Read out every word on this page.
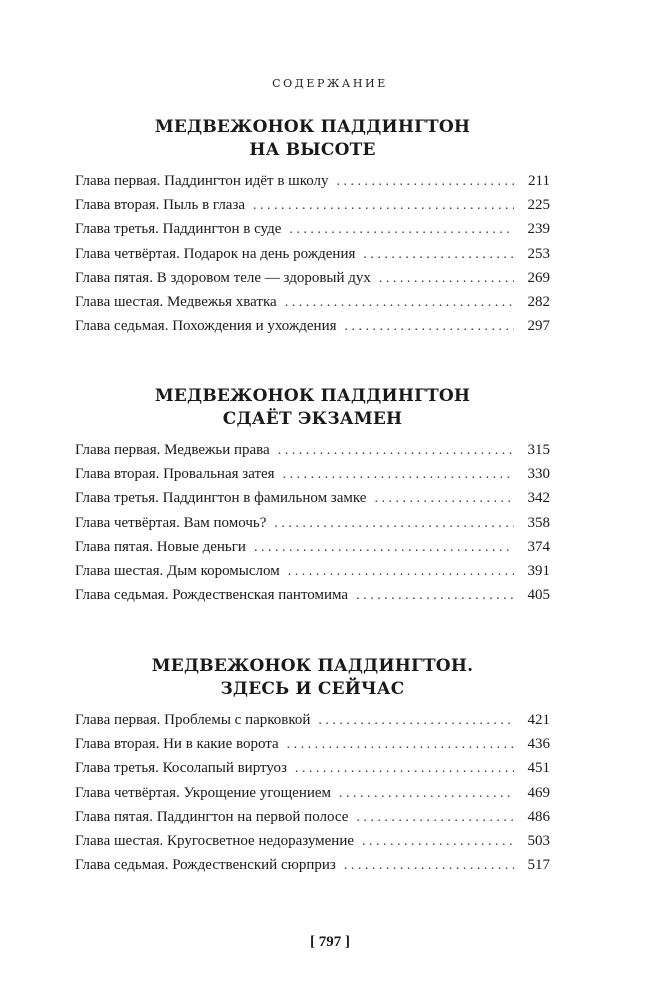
СОДЕРЖАНИЕ
МЕДВЕЖОНОК ПАДДИНГТОН
НА ВЫСОТЕ
Глава первая. Паддингтон идёт в школу . . .	211
Глава вторая. Пыль в глаза . . .	225
Глава третья. Паддингтон в суде . . .	239
Глава четвёртая. Подарок на день рождения . . .	253
Глава пятая. В здоровом теле — здоровый дух . . .	269
Глава шестая. Медвежья хватка . . .	282
Глава седьмая. Похождения и ухождения . . .	297
МЕДВЕЖОНОК ПАДДИНГТОН
СДАЁТ ЭКЗАМЕН
Глава первая. Медвежьи права . . .	315
Глава вторая. Провальная затея . . .	330
Глава третья. Паддингтон в фамильном замке . . .	342
Глава четвёртая. Вам помочь? . . .	358
Глава пятая. Новые деньги . . .	374
Глава шестая. Дым коромыслом . . .	391
Глава седьмая. Рождественская пантомима . . .	405
МЕДВЕЖОНОК ПАДДИНГТОН.
ЗДЕСЬ И СЕЙЧАС
Глава первая. Проблемы с парковкой . . .	421
Глава вторая. Ни в какие ворота . . .	436
Глава третья. Косолапый виртуоз . . .	451
Глава четвёртая. Укрощение угощением . . .	469
Глава пятая. Паддингтон на первой полосе . . .	486
Глава шестая. Кругосветное недоразумение . . .	503
Глава седьмая. Рождественский сюрприз . . .	517
[ 797 ]
